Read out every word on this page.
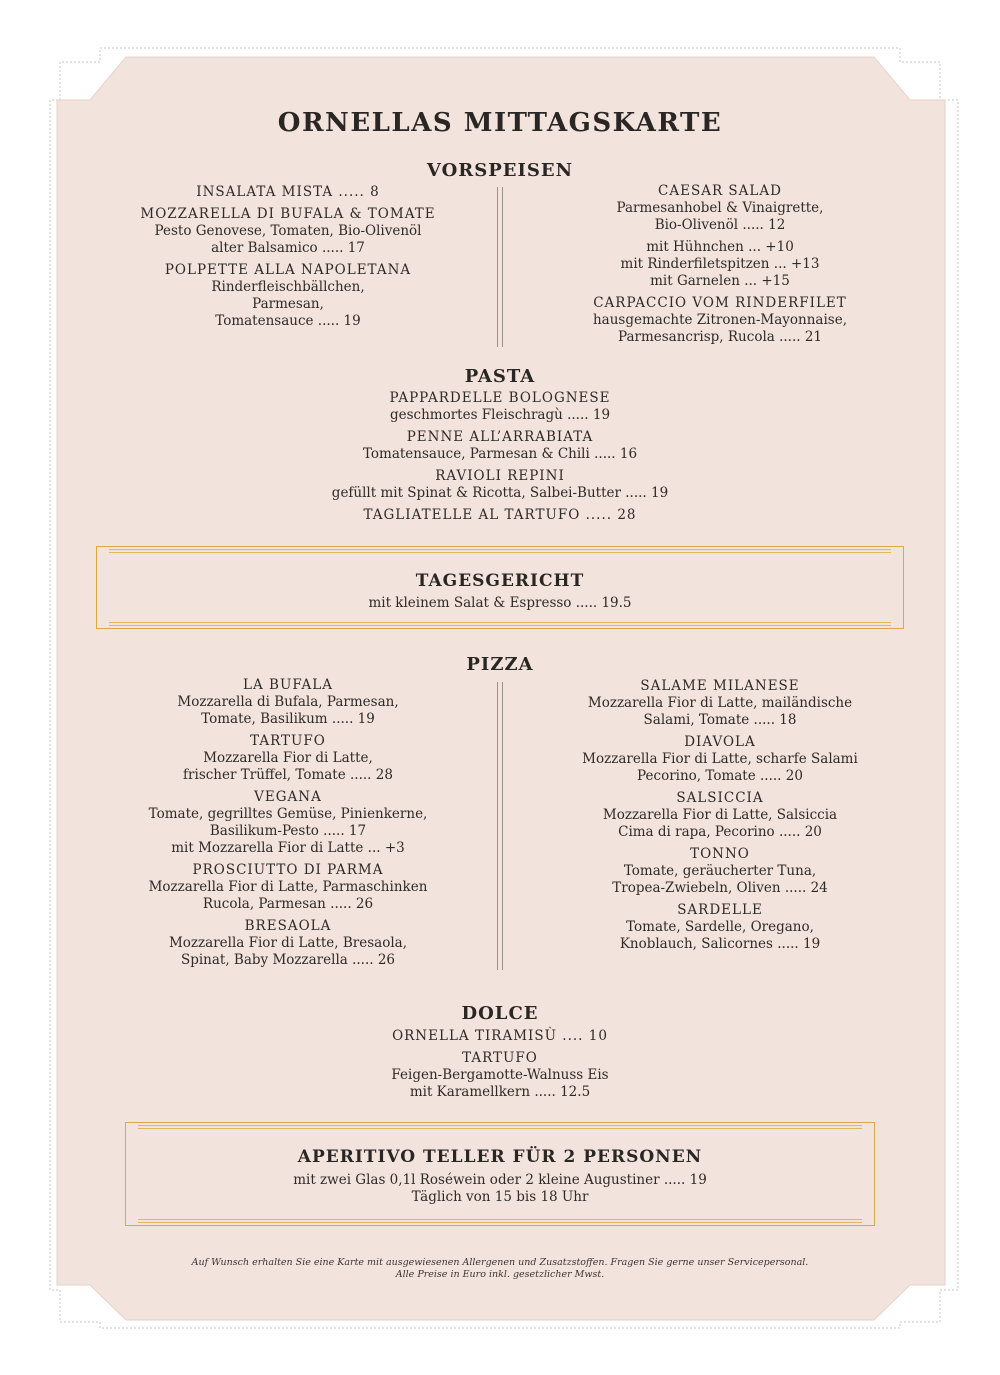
ORNELLAS MITTAGSKARTE
VORSPEISEN
INSALATA MISTA ..... 8
MOZZARELLA DI BUFALA & TOMATE
Pesto Genovese, Tomaten, Bio-Olivenöl
alter Balsamico ..... 17
POLPETTE ALLA NAPOLETANA
Rinderfleischbällchen,
Parmesan,
Tomatensauce ..... 19
CAESAR SALAD
Parmesanhobel & Vinaigrette,
Bio-Olivenöl ..... 12
mit Hühnchen ... +10
mit Rinderfiletspitzen ... +13
mit Garnelen ... +15
CARPACCIO VOM RINDERFILET
hausgemachte Zitronen-Mayonnaise,
Parmesancrisp, Rucola ..... 21
PASTA
PAPPARDELLE BOLOGNESE
geschmortes Fleischragù ..... 19
PENNE ALL’ARRABIATA
Tomatensauce, Parmesan & Chili ..... 16
RAVIOLI REPINI
gefüllt mit Spinat & Ricotta, Salbei-Butter ..... 19
TAGLIATELLE AL TARTUFO ..... 28
TAGESGERICHT
mit kleinem Salat & Espresso ..... 19.5
PIZZA
LA BUFALA
Mozzarella di Bufala, Parmesan,
Tomate, Basilikum ..... 19
TARTUFO
Mozzarella Fior di Latte,
frischer Trüffel, Tomate ..... 28
VEGANA
Tomate, gegrilltes Gemüse, Pinienkerne,
Basilikum-Pesto ..... 17
mit Mozzarella Fior di Latte ... +3
PROSCIUTTO DI PARMA
Mozzarella Fior di Latte, Parmaschinken
Rucola, Parmesan ..... 26
BRESAOLA
Mozzarella Fior di Latte, Bresaola,
Spinat, Baby Mozzarella ..... 26
SALAME MILANESE
Mozzarella Fior di Latte, mailändische
Salami, Tomate ..... 18
DIAVOLA
Mozzarella Fior di Latte, scharfe Salami
Pecorino, Tomate ..... 20
SALSICCIA
Mozzarella Fior di Latte, Salsiccia
Cima di rapa, Pecorino ..... 20
TONNO
Tomate, geräucherter Tuna,
Tropea-Zwiebeln, Oliven ..... 24
SARDELLE
Tomate, Sardelle, Oregano,
Knoblauch, Salicornes ..... 19
DOLCE
ORNELLA TIRAMISÙ .... 10
TARTUFO
Feigen-Bergamotte-Walnuss Eis
mit Karamellkern ..... 12.5
APERITIVO TELLER FÜR 2 PERSONEN
mit zwei Glas 0,1l Roséwein oder 2 kleine Augustiner ..... 19
Täglich von 15 bis 18 Uhr
Auf Wunsch erhalten Sie eine Karte mit ausgewiesenen Allergenen und Zusatzstoffen. Fragen Sie gerne unser Servicepersonal.
Alle Preise in Euro inkl. gesetzlicher Mwst.
